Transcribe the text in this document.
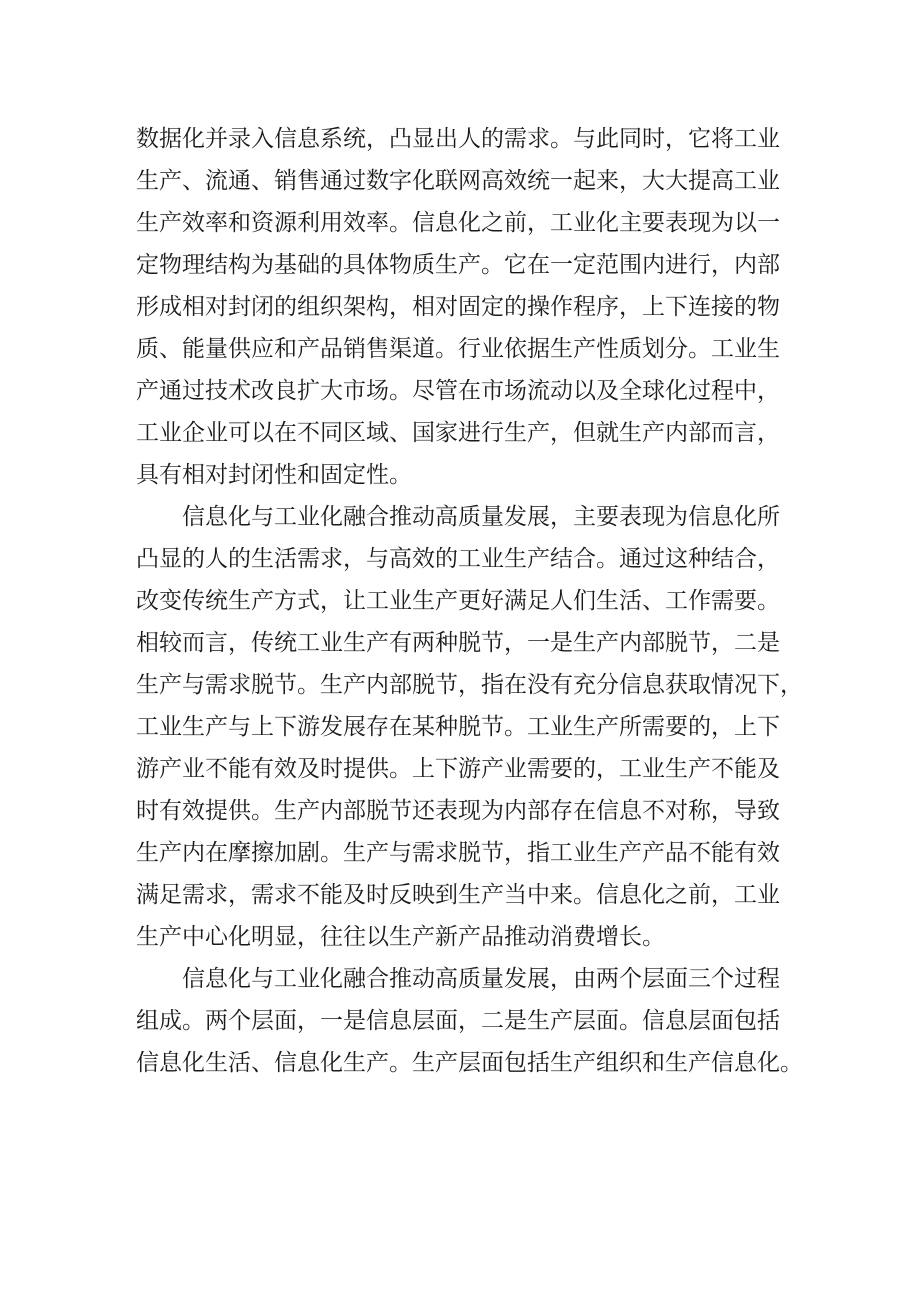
数据化并录入信息系统，凸显出人的需求。与此同时，它将工业
生产、流通、销售通过数字化联网高效统一起来，大大提高工业
生产效率和资源利用效率。信息化之前，工业化主要表现为以一
定物理结构为基础的具体物质生产。它在一定范围内进行，内部
形成相对封闭的组织架构，相对固定的操作程序，上下连接的物
质、能量供应和产品销售渠道。行业依据生产性质划分。工业生
产通过技术改良扩大市场。尽管在市场流动以及全球化过程中，
工业企业可以在不同区域、国家进行生产，但就生产内部而言，
具有相对封闭性和固定性。
信息化与工业化融合推动高质量发展，主要表现为信息化所
凸显的人的生活需求，与高效的工业生产结合。通过这种结合，
改变传统生产方式，让工业生产更好满足人们生活、工作需要。
相较而言，传统工业生产有两种脱节，一是生产内部脱节，二是
生产与需求脱节。生产内部脱节，指在没有充分信息获取情况下，
工业生产与上下游发展存在某种脱节。工业生产所需要的，上下
游产业不能有效及时提供。上下游产业需要的，工业生产不能及
时有效提供。生产内部脱节还表现为内部存在信息不对称，导致
生产内在摩擦加剧。生产与需求脱节，指工业生产产品不能有效
满足需求，需求不能及时反映到生产当中来。信息化之前，工业
生产中心化明显，往往以生产新产品推动消费增长。
信息化与工业化融合推动高质量发展，由两个层面三个过程
组成。两个层面，一是信息层面，二是生产层面。信息层面包括
信息化生活、信息化生产。生产层面包括生产组织和生产信息化。
